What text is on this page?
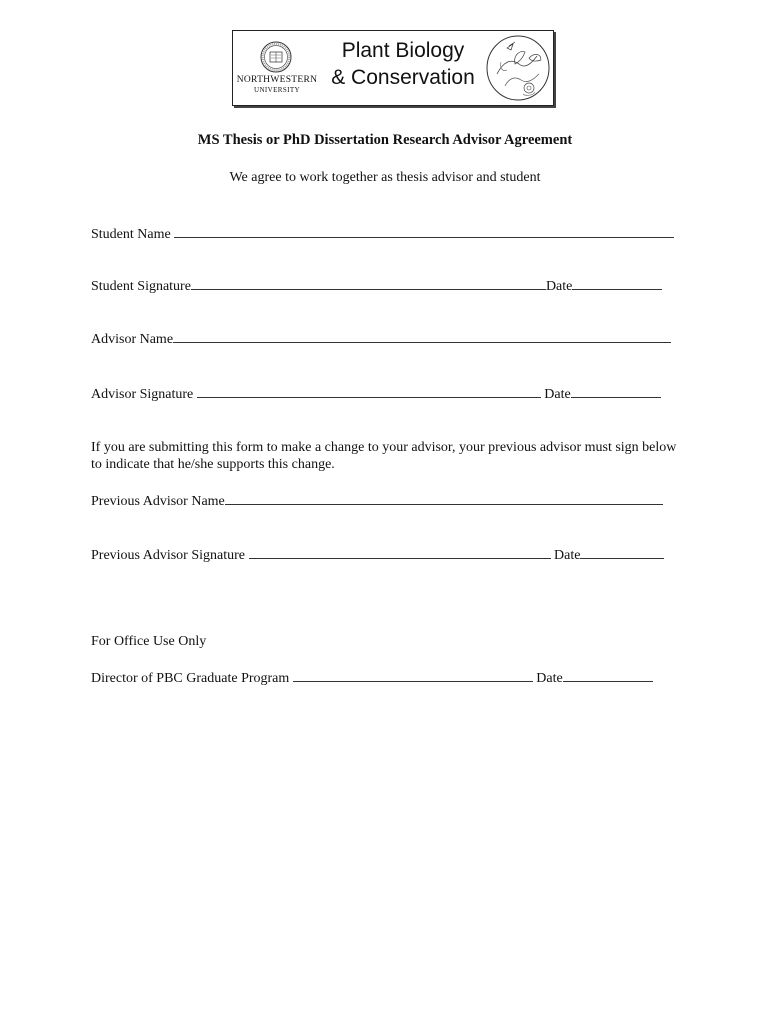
NORTHWESTERN
UNIVERSITY
Plant Biology
& Conservation
MS Thesis or PhD Dissertation Research Advisor Agreement
We agree to work together as thesis advisor and student
Student Name
Student Signature	Date
Advisor Name
Advisor Signature	Date
If you are submitting this form to make a change to your advisor, your previous advisor must sign below to indicate that he/she supports this change.
Previous Advisor Name
Previous Advisor Signature	Date
For Office Use Only
Director of PBC Graduate Program	Date
